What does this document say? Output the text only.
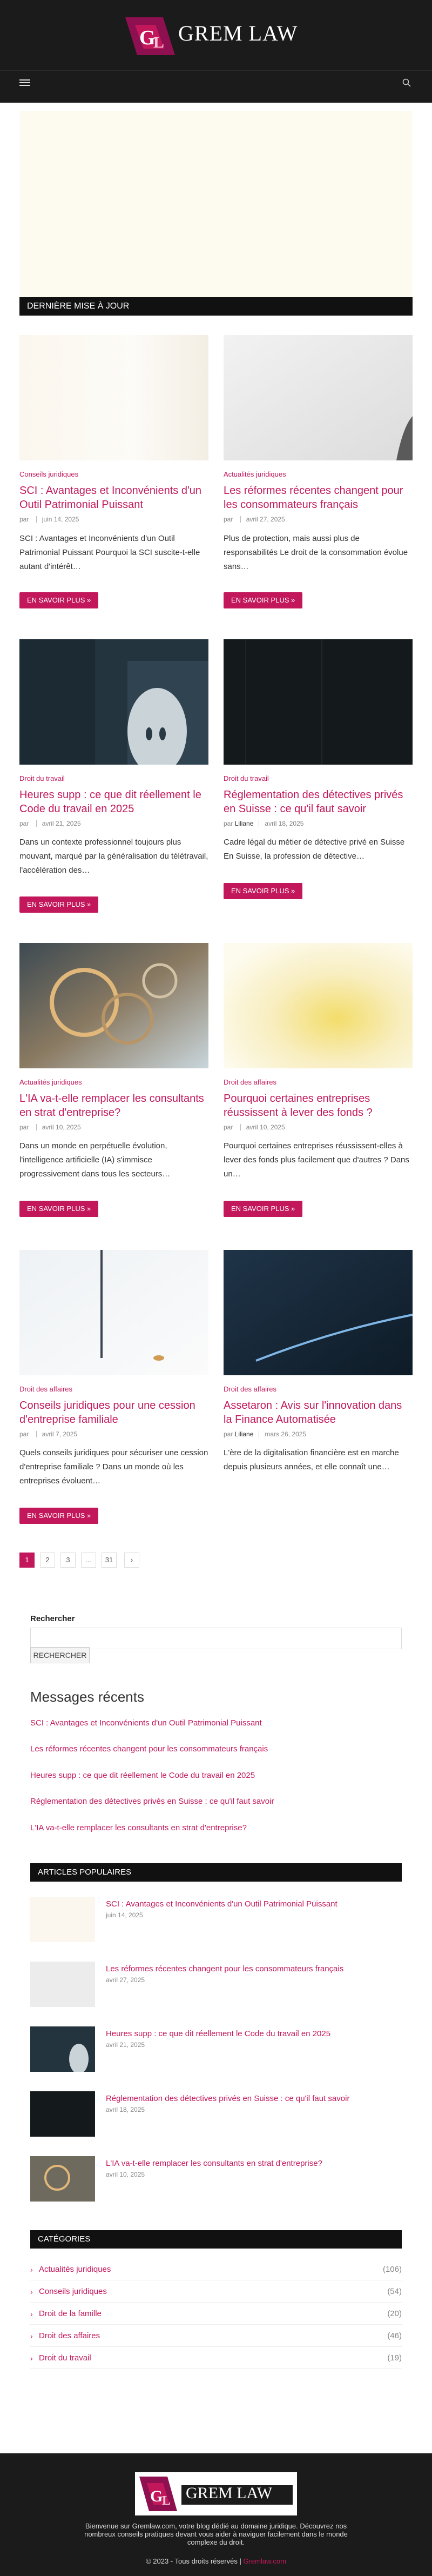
G
L GREM LAW
DERNIÈRE MISE À JOUR
Conseils juridiques
SCI : Avantages et Inconvénients d'un Outil Patrimonial Puissant
par juin 14, 2025
SCI : Avantages et Inconvénients d'un Outil Patrimonial Puissant Pourquoi la SCI suscite-t-elle autant d'intérêt…
EN SAVOIR PLUS »
Actualités juridiques
Les réformes récentes changent pour les consommateurs français
par avril 27, 2025
Plus de protection, mais aussi plus de responsabilités Le droit de la consommation évolue sans…
EN SAVOIR PLUS »
Droit du travail
Heures supp : ce que dit réellement le Code du travail en 2025
par avril 21, 2025
Dans un contexte professionnel toujours plus mouvant, marqué par la généralisation du télétravail, l'accélération des…
EN SAVOIR PLUS »
Droit du travail
Réglementation des détectives privés en Suisse : ce qu'il faut savoir
par Liliane avril 18, 2025
Cadre légal du métier de détective privé en Suisse En Suisse, la profession de détective…
EN SAVOIR PLUS »
Actualités juridiques
L'IA va-t-elle remplacer les consultants en strat d'entreprise?
par avril 10, 2025
Dans un monde en perpétuelle évolution, l'intelligence artificielle (IA) s'immisce progressivement dans tous les secteurs…
EN SAVOIR PLUS »
Droit des affaires
Pourquoi certaines entreprises réussissent à lever des fonds ?
par avril 10, 2025
Pourquoi certaines entreprises réussissent-elles à lever des fonds plus facilement que d'autres ? Dans un…
EN SAVOIR PLUS »
Droit des affaires
Conseils juridiques pour une cession d'entreprise familiale
par avril 7, 2025
Quels conseils juridiques pour sécuriser une cession d'entreprise familiale ? Dans un monde où les entreprises évoluent…
EN SAVOIR PLUS »
Droit des affaires
Asset​aron : Avis sur l'innovation dans la Finance Automatisée
par Liliane mars 26, 2025
L'ère de la digitalisation financière est en marche depuis plusieurs années, et elle connaît une…
1	2	3	…	31	›
Rechercher
RECHERCHER
Messages récents
SCI : Avantages et Inconvénients d'un Outil Patrimonial Puissant
Les réformes récentes changent pour les consommateurs français
Heures supp : ce que dit réellement le Code du travail en 2025
Réglementation des détectives privés en Suisse : ce qu'il faut savoir
L'IA va-t-elle remplacer les consultants en strat d'entreprise?
ARTICLES POPULAIRES
SCI : Avantages et Inconvénients d'un Outil Patrimonial Puissant
juin 14, 2025
Les réformes récentes changent pour les consommateurs français
avril 27, 2025
Heures supp : ce que dit réellement le Code du travail en 2025
avril 21, 2025
Réglementation des détectives privés en Suisse : ce qu'il faut savoir
avril 18, 2025
L'IA va-t-elle remplacer les consultants en strat d'entreprise?
avril 10, 2025
CATÉGORIES
› Actualités juridiques	(106)
› Conseils juridiques	(54)
› Droit de la famille	(20)
› Droit des affaires	(46)
› Droit du travail	(19)
G
L GREM LAW
Bienvenue sur Gremlaw.com, votre blog dédié au domaine juridique. Découvrez nos nombreux conseils pratiques devant vous aider à naviguer facilement dans le monde complexe du droit.
© 2023 - Tous droits réservés | Gremlaw.com
